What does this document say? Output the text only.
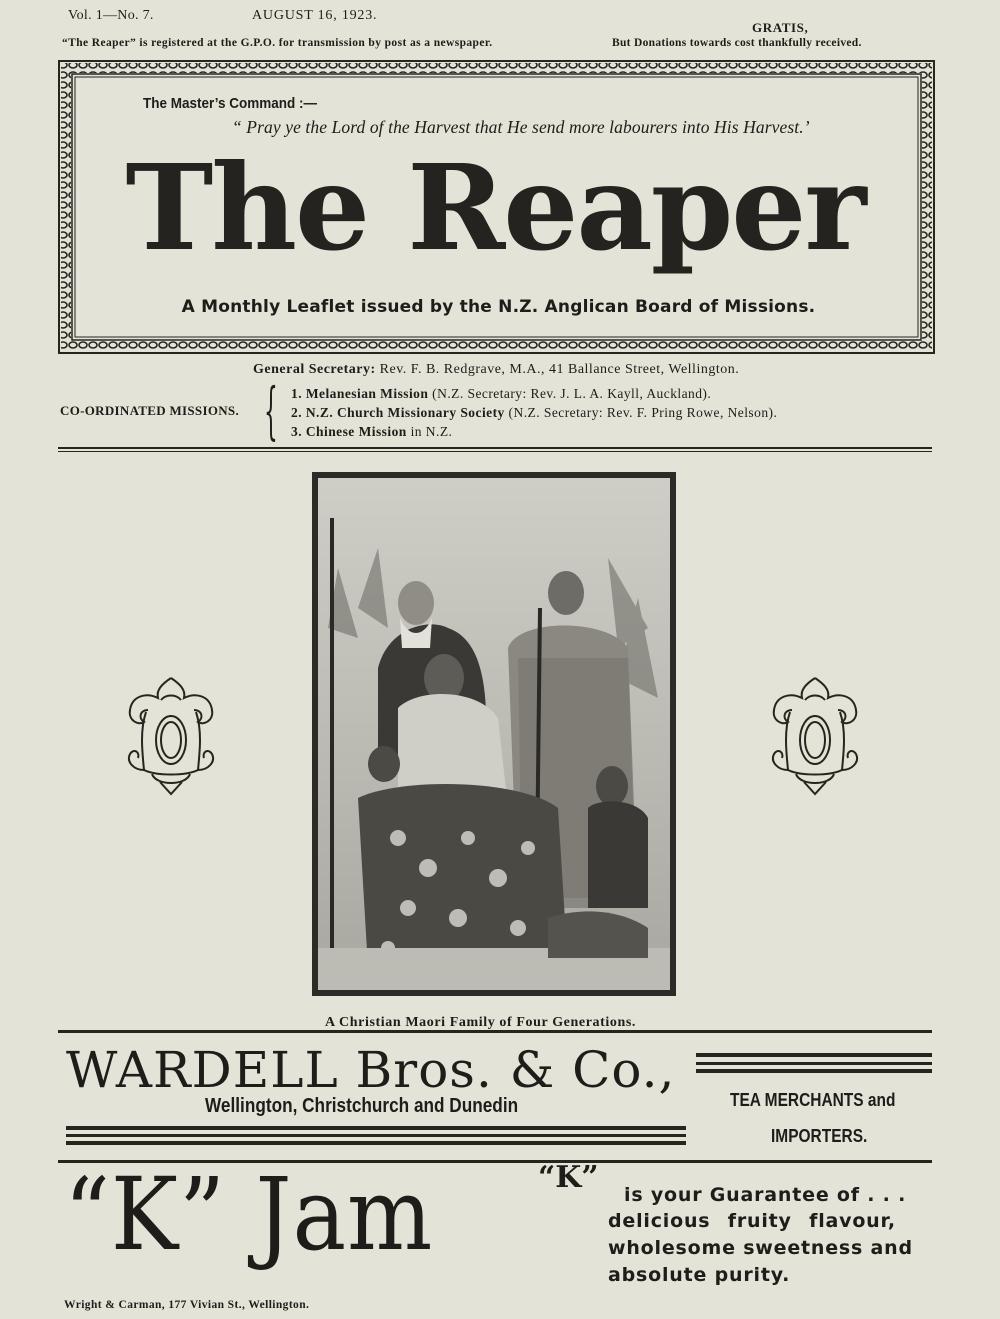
Vol. 1—No. 7.	AUGUST 16, 1923.
GRATIS,
“The Reaper” is registered at the G.P.O. for transmission by post as a newspaper.	But Donations towards cost thankfully received.
The Master’s Command :—
“ Pray ye the Lord of the Harvest that He send more labourers into His Harvest.’
The Reaper
A Monthly Leaflet issued by the N.Z. Anglican Board of Missions.
General Secretary: Rev. F. B. Redgrave, M.A., 41 Ballance Street, Wellington.
CO-ORDINATED MISSIONS. { 1. Melanesian Mission (N.Z. Secretary: Rev. J. L. A. Kayll, Auckland).
2. N.Z. Church Missionary Society (N.Z. Secretary: Rev. F. Pring Rowe, Nelson).
3. Chinese Mission in N.Z.
A Christian Maori Family of Four Generations.
WARDELL Bros. & Co.,
Wellington, Christchurch and Dunedin	TEA MERCHANTS and
IMPORTERS.
“K” Jam	“K” is your Guarantee of . . .
delicious fruity flavour,
wholesome sweetness and
absolute purity.
Wright & Carman, 177 Vivian St., Wellington.
